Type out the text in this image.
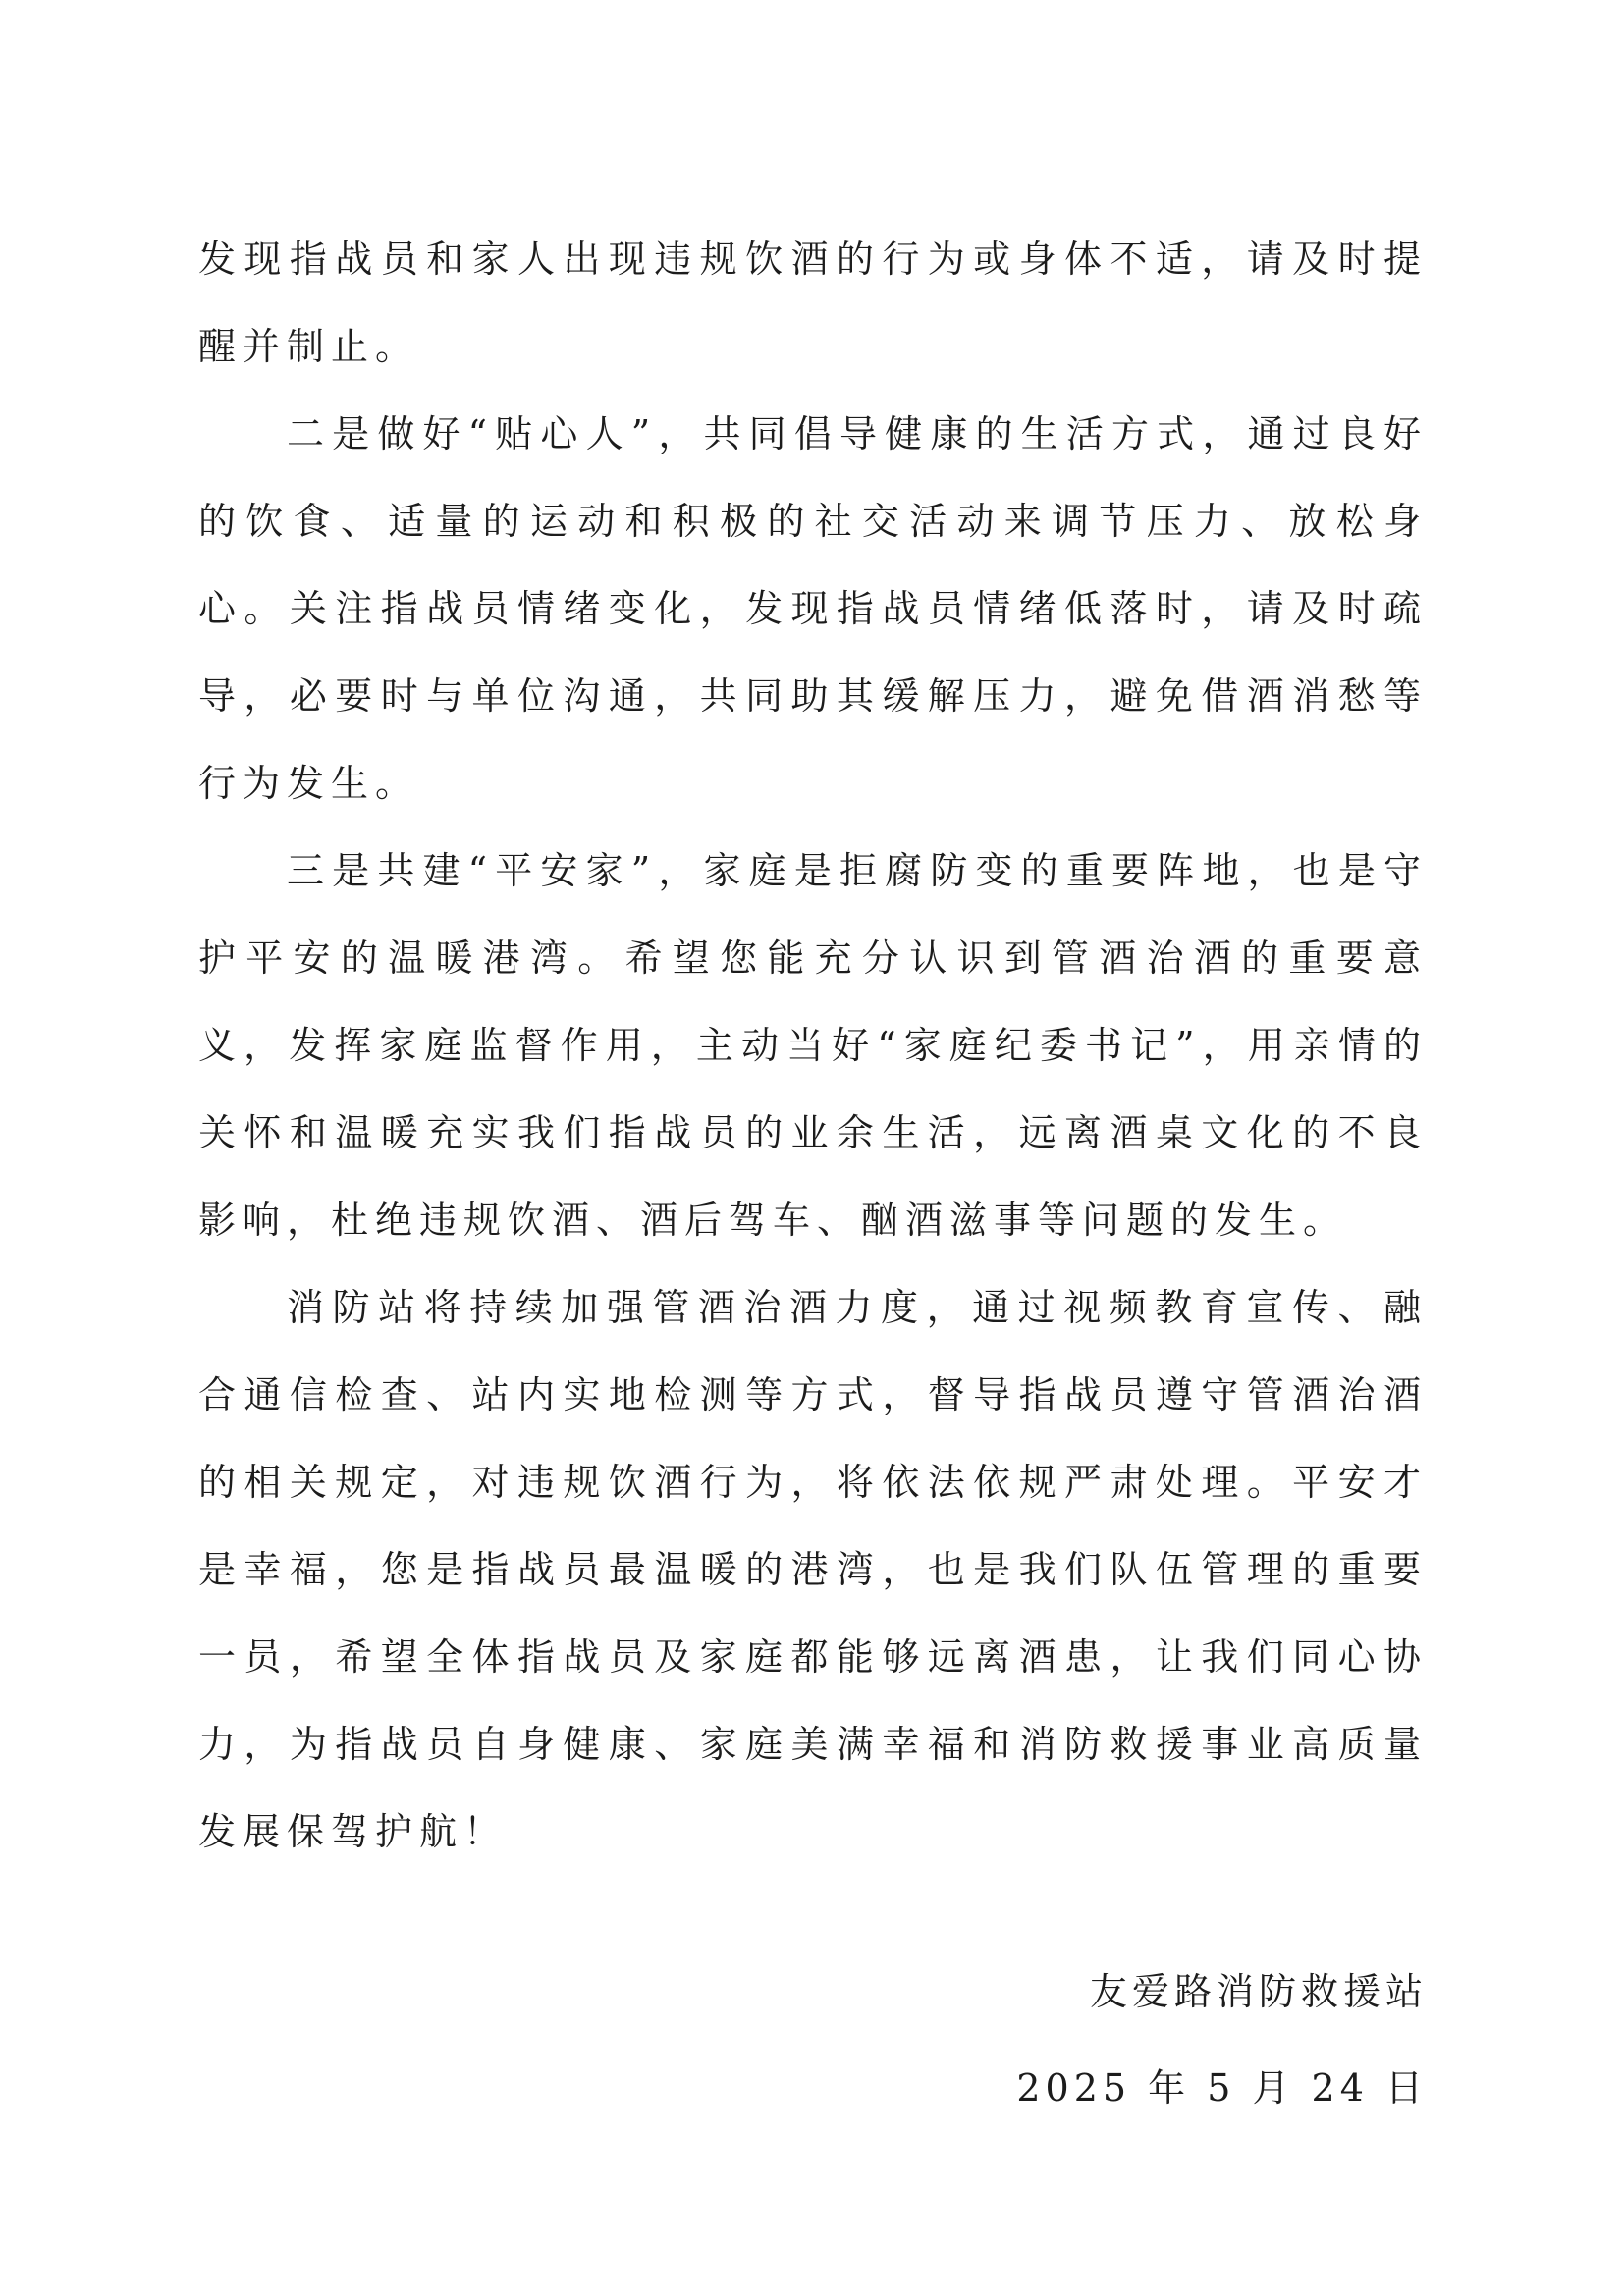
发现指战员和家人出现违规饮酒的行为或身体不适，请及时提醒并制止。

二是做好“贴心人”，共同倡导健康的生活方式，通过良好的饮食、适量的运动和积极的社交活动来调节压力、放松身心。关注指战员情绪变化，发现指战员情绪低落时，请及时疏导，必要时与单位沟通，共同助其缓解压力，避免借酒消愁等行为发生。

三是共建“平安家”，家庭是拒腐防变的重要阵地，也是守护平安的温暖港湾。希望您能充分认识到管酒治酒的重要意义，发挥家庭监督作用，主动当好“家庭纪委书记”，用亲情的关怀和温暖充实我们指战员的业余生活，远离酒桌文化的不良影响，杜绝违规饮酒、酒后驾车、酗酒滋事等问题的发生。

消防站将持续加强管酒治酒力度，通过视频教育宣传、融合通信检查、站内实地检测等方式，督导指战员遵守管酒治酒的相关规定，对违规饮酒行为，将依法依规严肃处理。平安才是幸福，您是指战员最温暖的港湾，也是我们队伍管理的重要一员，希望全体指战员及家庭都能够远离酒患，让我们同心协力，为指战员自身健康、家庭美满幸福和消防救援事业高质量发展保驾护航！

友爱路消防救援站
2025 年 5 月 24 日
